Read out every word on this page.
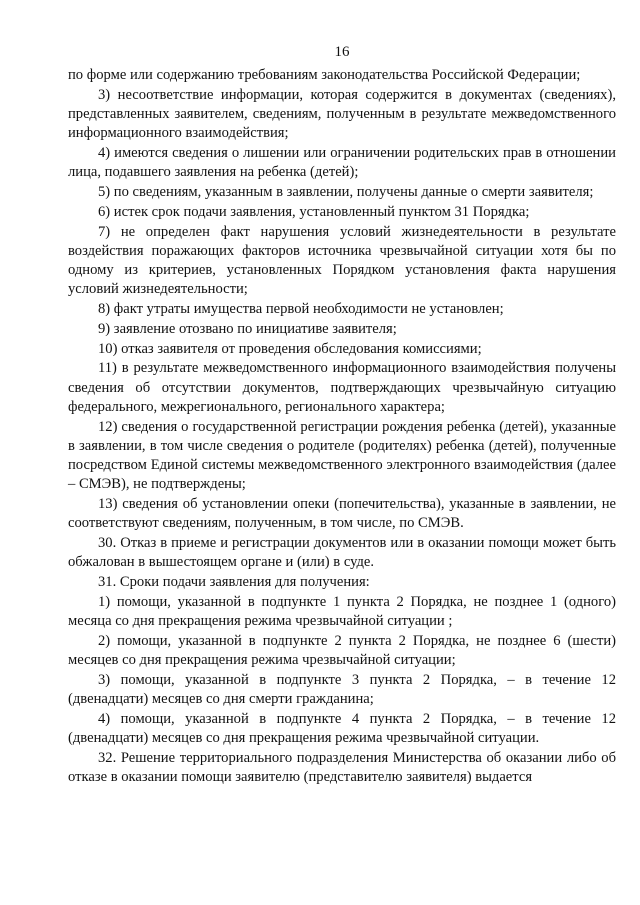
16

по форме или содержанию требованиям законодательства Российской Федерации;

3) несоответствие информации, которая содержится в документах (сведениях), представленных заявителем, сведениям, полученным в результате межведомственного информационного взаимодействия;

4) имеются сведения о лишении или ограничении родительских прав в отношении лица, подавшего заявления на ребенка (детей);

5) по сведениям, указанным в заявлении, получены данные о смерти заявителя;

6) истек срок подачи заявления, установленный пунктом 31 Порядка;

7) не определен факт нарушения условий жизнедеятельности в результате воздействия поражающих факторов источника чрезвычайной ситуации хотя бы по одному из критериев, установленных Порядком установления факта нарушения условий жизнедеятельности;

8) факт утраты имущества первой необходимости не установлен;

9) заявление отозвано по инициативе заявителя;

10) отказ заявителя от проведения обследования комиссиями;

11) в результате межведомственного информационного взаимодействия получены сведения об отсутствии документов, подтверждающих чрезвычайную ситуацию федерального, межрегионального, регионального характера;

12) сведения о государственной регистрации рождения ребенка (детей), указанные в заявлении, в том числе сведения о родителе (родителях) ребенка (детей), полученные посредством Единой системы межведомственного электронного взаимодействия (далее – СМЭВ), не подтверждены;

13) сведения об установлении опеки (попечительства), указанные в заявлении, не соответствуют сведениям, полученным, в том числе, по СМЭВ.

30. Отказ в приеме и регистрации документов или в оказании помощи может быть обжалован в вышестоящем органе и (или) в суде.

31. Сроки подачи заявления для получения:

1) помощи, указанной в подпункте 1 пункта 2 Порядка, не позднее 1 (одного) месяца со дня прекращения режима чрезвычайной ситуации ;

2) помощи, указанной в подпункте 2 пункта 2 Порядка, не позднее 6 (шести) месяцев со дня прекращения режима чрезвычайной ситуации;

3) помощи, указанной в подпункте 3 пункта 2 Порядка, – в течение 12 (двенадцати) месяцев со дня смерти гражданина;

4) помощи, указанной в подпункте 4 пункта 2 Порядка, – в течение 12 (двенадцати) месяцев со дня прекращения режима чрезвычайной ситуации.

32. Решение территориального подразделения Министерства об оказании либо об отказе в оказании помощи заявителю (представителю заявителя) выдается
